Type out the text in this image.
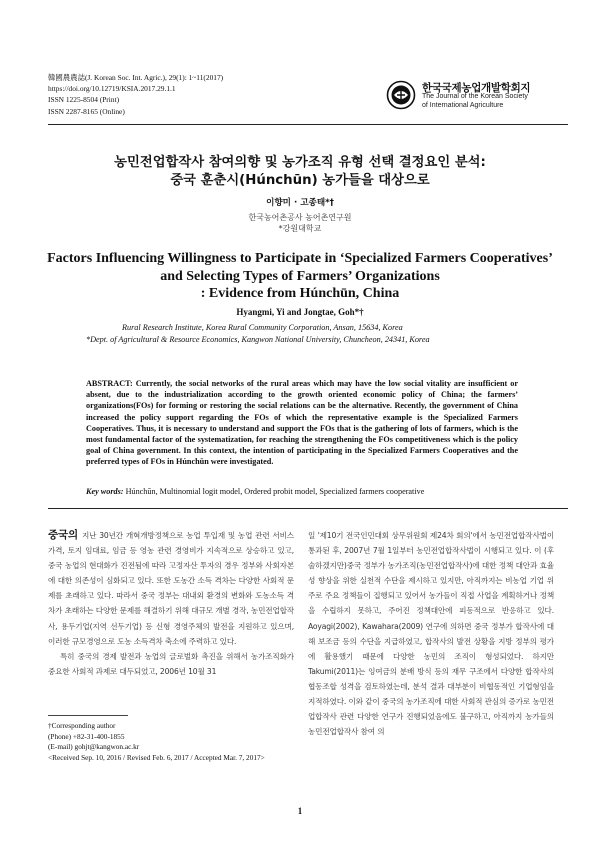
韓國農農誌(J. Korean Soc. Int. Agric.), 29(1): 1~11(2017)
https://doi.org/10.12719/KSIA.2017.29.1.1
ISSN 1225-8504 (Print)
ISSN 2287-8165 (Online)
한국국제농업개발학회지
The Journal of the Korean Society
of International Agriculture
농민전업합작사 참여의향 및 농가조직 유형 선택 결정요인 분석:
중국 훈춘시(Húnchūn) 농가들을 대상으로
이향미 · 고종태*†
한국농어촌공사 농어촌연구원
*강원대학교
Factors Influencing Willingness to Participate in ‘Specialized Farmers Cooperatives’
and Selecting Types of Farmers’ Organizations
: Evidence from Húnchūn, China
Hyangmi, Yi and Jongtae, Goh*†
Rural Research Institute, Korea Rural Community Corporation, Ansan, 15634, Korea
*Dept. of Agricultural & Resource Economics, Kangwon National University, Chuncheon, 24341, Korea
ABSTRACT: Currently, the social networks of the rural areas which may have the low social vitality are insufficient or absent, due to the industrialization according to the growth oriented economic policy of China; the farmers’ organizations(FOs) for forming or restoring the social relations can be the alternative. Recently, the government of China increased the policy support regarding the FOs of which the representative example is the Specialized Farmers Cooperatives. Thus, it is necessary to understand and support the FOs that is the gathering of lots of farmers, which is the most fundamental factor of the systematization, for reaching the strengthening the FOs competitiveness which is the policy goal of China government. In this context, the intention of participating in the Specialized Farmers Cooperatives and the preferred types of FOs in Húnchūn were investigated.
Key words: Húnchūn, Multinomial logit model, Ordered probit model, Specialized farmers cooperative

중국의 지난 30년간 개혁개방정책으로 농업 투입재 및 농업 관련 서비스 가격, 토지 임대료, 임금 등 영농 관련 경영비가 지속적으로 상승하고 있고, 중국 농업의 현대화가 진전됨에 따라 고정자산 투자의 경우 정부와 사회자본에 대한 의존성이 심화되고 있다. 또한 도농간 소득 격차는 다양한 사회적 문제를 초래하고 있다. 따라서 중국 정부는 대내외 환경의 변화와 도농소득 격차가 초래하는 다양한 문제를 해결하기 위해 대규모 개별 경작, 농민전업합작사, 용두기업(지역 선두기업) 등 신형 경영주체의 발전을 지원하고 있으며, 이러한 규모경영으로 도농 소득격차 축소에 주력하고 있다.

특히 중국의 경제 발전과 농업의 글로벌화 촉진을 위해서 농가조직화가 중요한 사회적 과제로 대두되었고, 2006년 10월 31

일 '제10기 전국인민대회 상무위원회 제24차 회의'에서 농민전업합작사법이 통과된 후, 2007년 7월 1일부터 농민전업합작사법이 시행되고 있다. 이 (후술하겠지만)중국 정부가 농가조직(농민전업합작사)에 대한 정책 대안과 효율성 향상을 위한 실천적 수단을 제시하고 있지만, 아직까지는 비농업 기업 위주로 주요 정책들이 집행되고 있어서 농가들이 직접 사업을 계획하거나 정책을 수립하지 못하고, 주어진 정책대안에 피동적으로 반응하고 있다. Aoyagi(2002), Kawahara(2009) 연구에 의하면 중국 정부가 합작사에 대해 보조금 등의 수단을 지급하였고, 합작사의 발전 상황을 지방 정부의 평가에 활용했기 때문에 다양한 농민의 조직이 형성되었다. 하지만 Takumi(2011)는 잉여금의 분배 방식 등의 재무 구조에서 다양한 합작사의 협동조합 성격을 검토하였는데, 분석 결과 대부분이 비협동적인 기업형임을 지적하였다. 이와 같이 중국의 농가조직에 대한 사회적 관심의 증가로 농민전업합작사 관련 다양한 연구가 진행되었음에도 불구하고, 아직까지 농가들의 농민전업합작사 참여 의

†Corresponding author
(Phone) +82-31-400-1855
(E-mail) gohjt@kangwon.ac.kr
<Received Sep. 10, 2016 / Revised Feb. 6, 2017 / Accepted Mar. 7, 2017>
1
